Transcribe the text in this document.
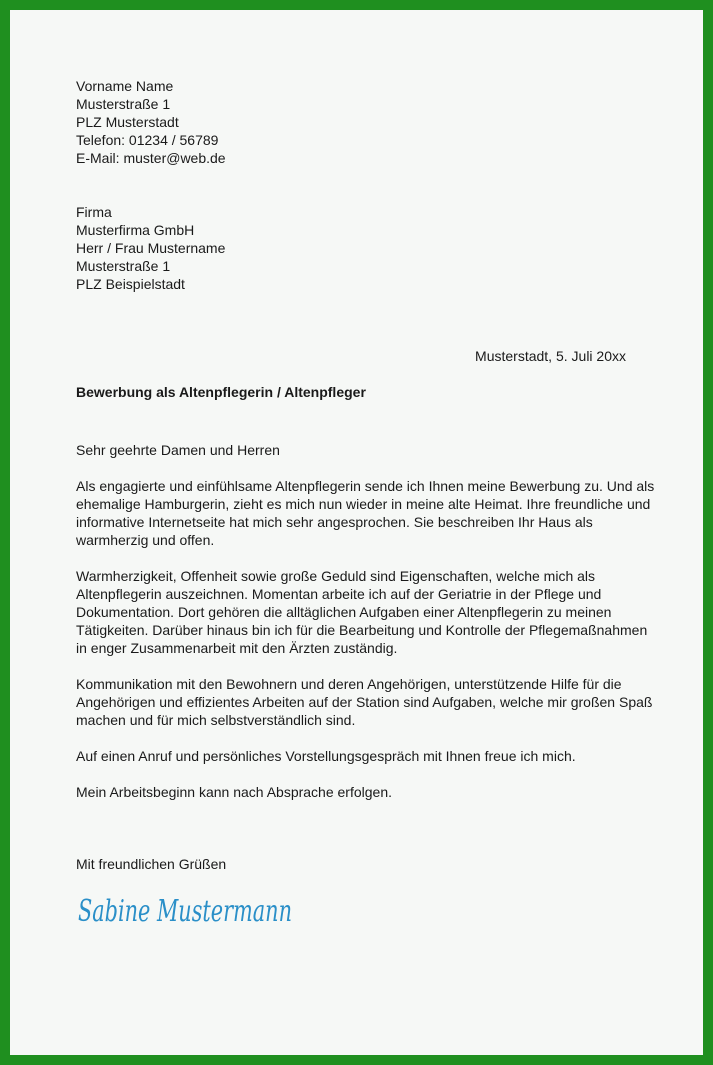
Vorname Name
Musterstraße 1
PLZ Musterstadt
Telefon: 01234 / 56789
E-Mail: muster@web.de
Firma
Musterfirma GmbH
Herr / Frau Mustername
Musterstraße 1
PLZ Beispielstadt
Musterstadt, 5. Juli 20xx
Bewerbung als Altenpflegerin / Altenpfleger
Sehr geehrte Damen und Herren

Als engagierte und einfühlsame Altenpflegerin sende ich Ihnen meine Bewerbung zu. Und als ehemalige Hamburgerin, zieht es mich nun wieder in meine alte Heimat. Ihre freundliche und informative Internetseite hat mich sehr angesprochen. Sie beschreiben Ihr Haus als warmherzig und offen.

Warmherzigkeit, Offenheit sowie große Geduld sind Eigenschaften, welche mich als Altenpflegerin auszeichnen. Momentan arbeite ich auf der Geriatrie in der Pflege und Dokumentation. Dort gehören die alltäglichen Aufgaben einer Altenpflegerin zu meinen Tätigkeiten. Darüber hinaus bin ich für die Bearbeitung und Kontrolle der Pflegemaßnahmen in enger Zusammenarbeit mit den Ärzten zuständig.

Kommunikation mit den Bewohnern und deren Angehörigen, unterstützende Hilfe für die Angehörigen und effizientes Arbeiten auf der Station sind Aufgaben, welche mir großen Spaß machen und für mich selbstverständlich sind.

Auf einen Anruf und persönliches Vorstellungsgespräch mit Ihnen freue ich mich.

Mein Arbeitsbeginn kann nach Absprache erfolgen.

Mit freundlichen Grüßen
Sabine Mustermann
